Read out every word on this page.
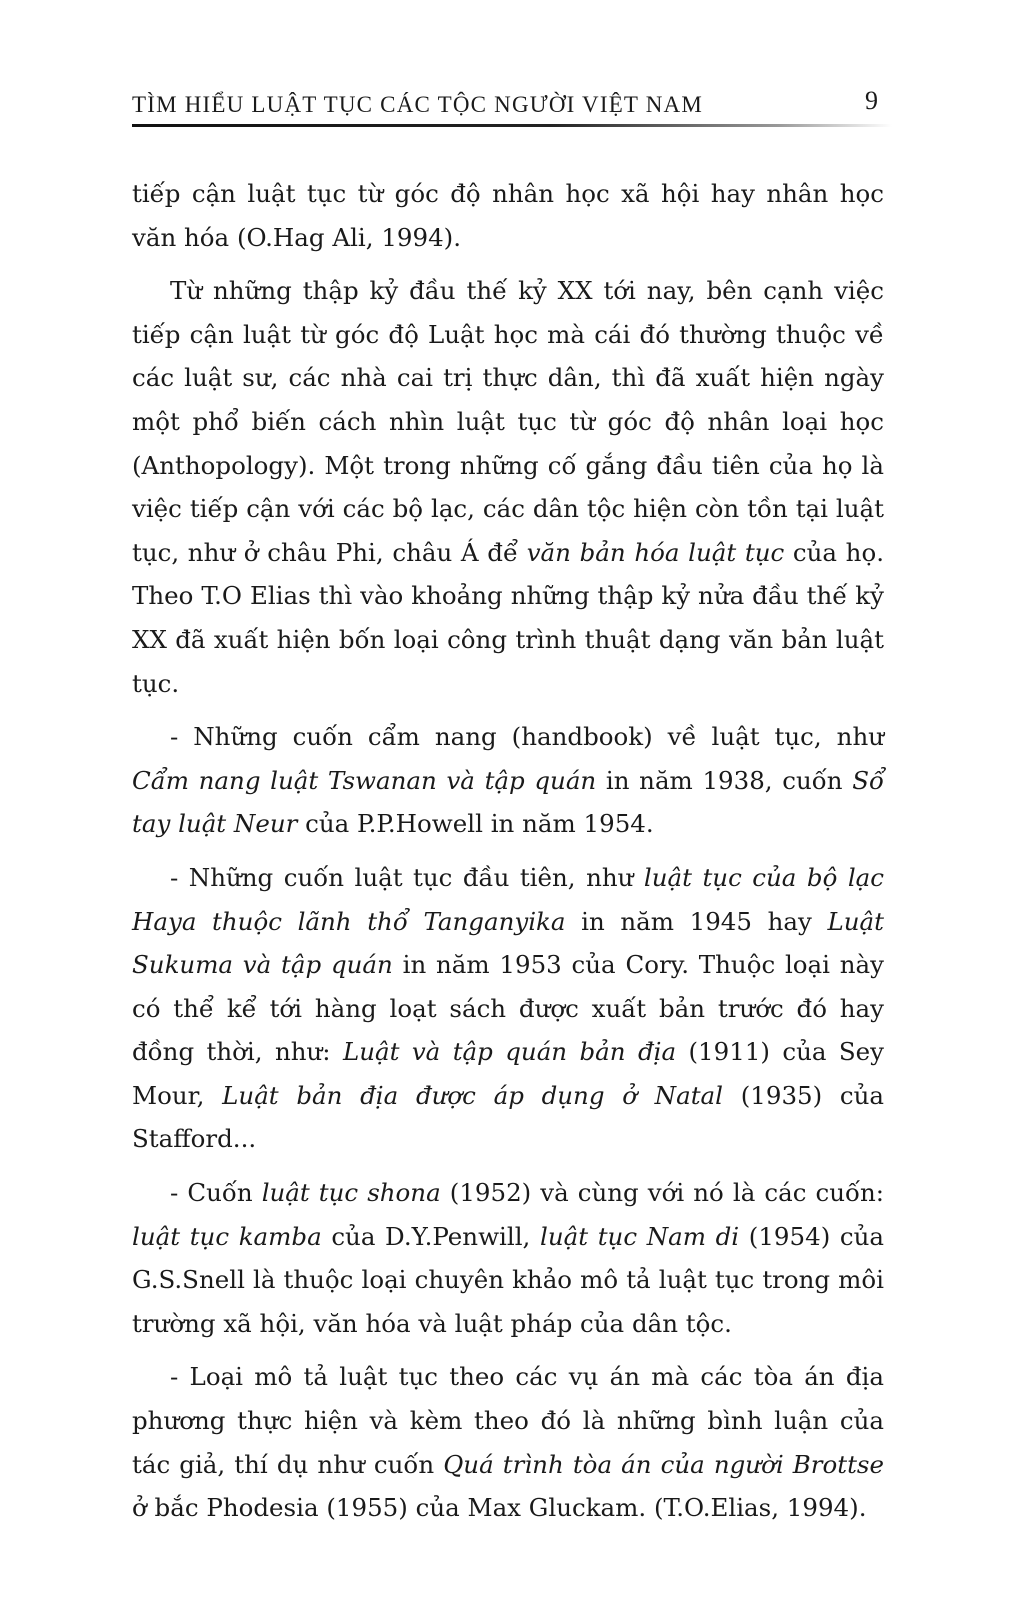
TÌM HIỂU LUẬT TỤC CÁC TỘC NGƯỜI VIỆT NAM	9

tiếp cận luật tục từ góc độ nhân học xã hội hay nhân học văn hóa (O.Hag Ali, 1994).

Từ những thập kỷ đầu thế kỷ XX tới nay, bên cạnh việc tiếp cận luật từ góc độ Luật học mà cái đó thường thuộc về các luật sư, các nhà cai trị thực dân, thì đã xuất hiện ngày một phổ biến cách nhìn luật tục từ góc độ nhân loại học (Anthopology). Một trong những cố gắng đầu tiên của họ là việc tiếp cận với các bộ lạc, các dân tộc hiện còn tồn tại luật tục, như ở châu Phi, châu Á để văn bản hóa luật tục của họ. Theo T.O Elias thì vào khoảng những thập kỷ nửa đầu thế kỷ XX đã xuất hiện bốn loại công trình thuật dạng văn bản luật tục.

- Những cuốn cẩm nang (handbook) về luật tục, như Cẩm nang luật Tswanan và tập quán in năm 1938, cuốn Sổ tay luật Neur của P.P.Howell in năm 1954.

- Những cuốn luật tục đầu tiên, như luật tục của bộ lạc Haya thuộc lãnh thổ Tanganyika in năm 1945 hay Luật Sukuma và tập quán in năm 1953 của Cory. Thuộc loại này có thể kể tới hàng loạt sách được xuất bản trước đó hay đồng thời, như: Luật và tập quán bản địa (1911) của Sey Mour, Luật bản địa được áp dụng ở Natal (1935) của Stafford...

- Cuốn luật tục shona (1952) và cùng với nó là các cuốn: luật tục kamba của D.Y.Penwill, luật tục Nam di (1954) của G.S.Snell là thuộc loại chuyên khảo mô tả luật tục trong môi trường xã hội, văn hóa và luật pháp của dân tộc.

- Loại mô tả luật tục theo các vụ án mà các tòa án địa phương thực hiện và kèm theo đó là những bình luận của tác giả, thí dụ như cuốn Quá trình tòa án của người Brottse ở bắc Phodesia (1955) của Max Gluckam. (T.O.Elias, 1994).
